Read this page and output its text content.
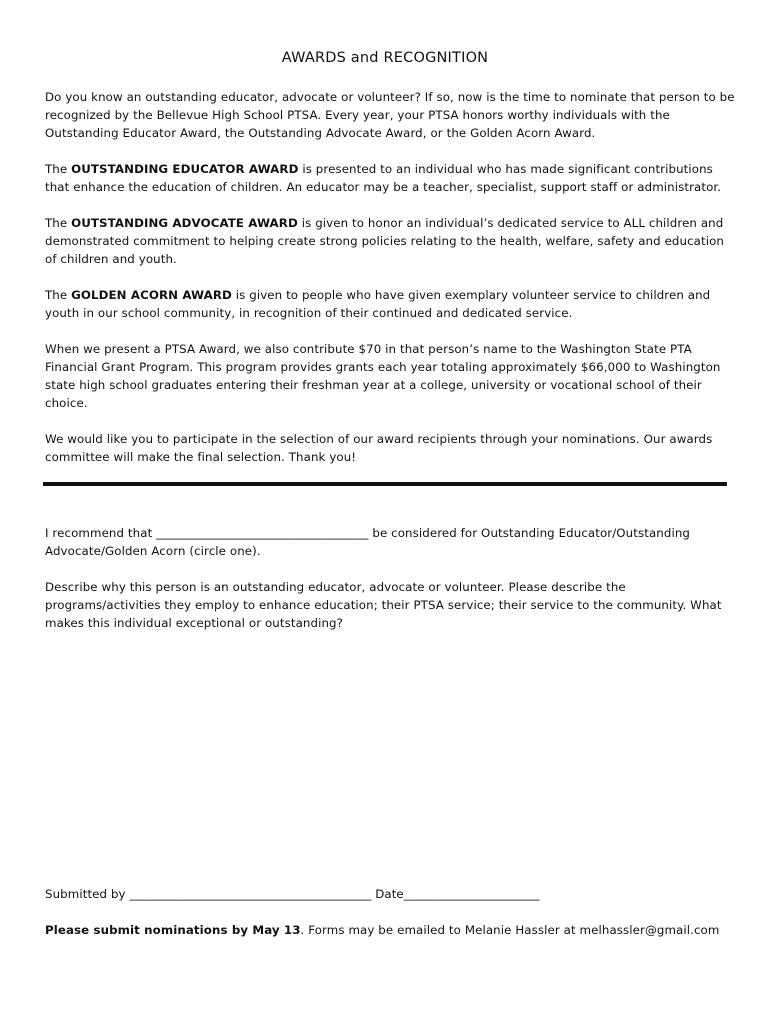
AWARDS and RECOGNITION
Do you know an outstanding educator, advocate or volunteer? If so, now is the time to nominate that person to be recognized by the Bellevue High School PTSA. Every year, your PTSA honors worthy individuals with the Outstanding Educator Award, the Outstanding Advocate Award, or the Golden Acorn Award.
The OUTSTANDING EDUCATOR AWARD is presented to an individual who has made significant contributions that enhance the education of children. An educator may be a teacher, specialist, support staff or administrator.
The OUTSTANDING ADVOCATE AWARD is given to honor an individual’s dedicated service to ALL children and demonstrated commitment to helping create strong policies relating to the health, welfare, safety and education of children and youth.
The GOLDEN ACORN AWARD is given to people who have given exemplary volunteer service to children and youth in our school community, in recognition of their continued and dedicated service.
When we present a PTSA Award, we also contribute $70 in that person’s name to the Washington State PTA Financial Grant Program. This program provides grants each year totaling approximately $66,000 to Washington state high school graduates entering their freshman year at a college, university or vocational school of their choice.
We would like you to participate in the selection of our award recipients through your nominations. Our awards committee will make the final selection. Thank you!
I recommend that ____________________________________ be considered for Outstanding Educator/Outstanding Advocate/Golden Acorn (circle one).
Describe why this person is an outstanding educator, advocate or volunteer. Please describe the programs/activities they employ to enhance education; their PTSA service; their service to the community. What makes this individual exceptional or outstanding?
Submitted by _________________________________________ Date_______________________
Please submit nominations by May 13. Forms may be emailed to Melanie Hassler at melhassler@gmail.com
